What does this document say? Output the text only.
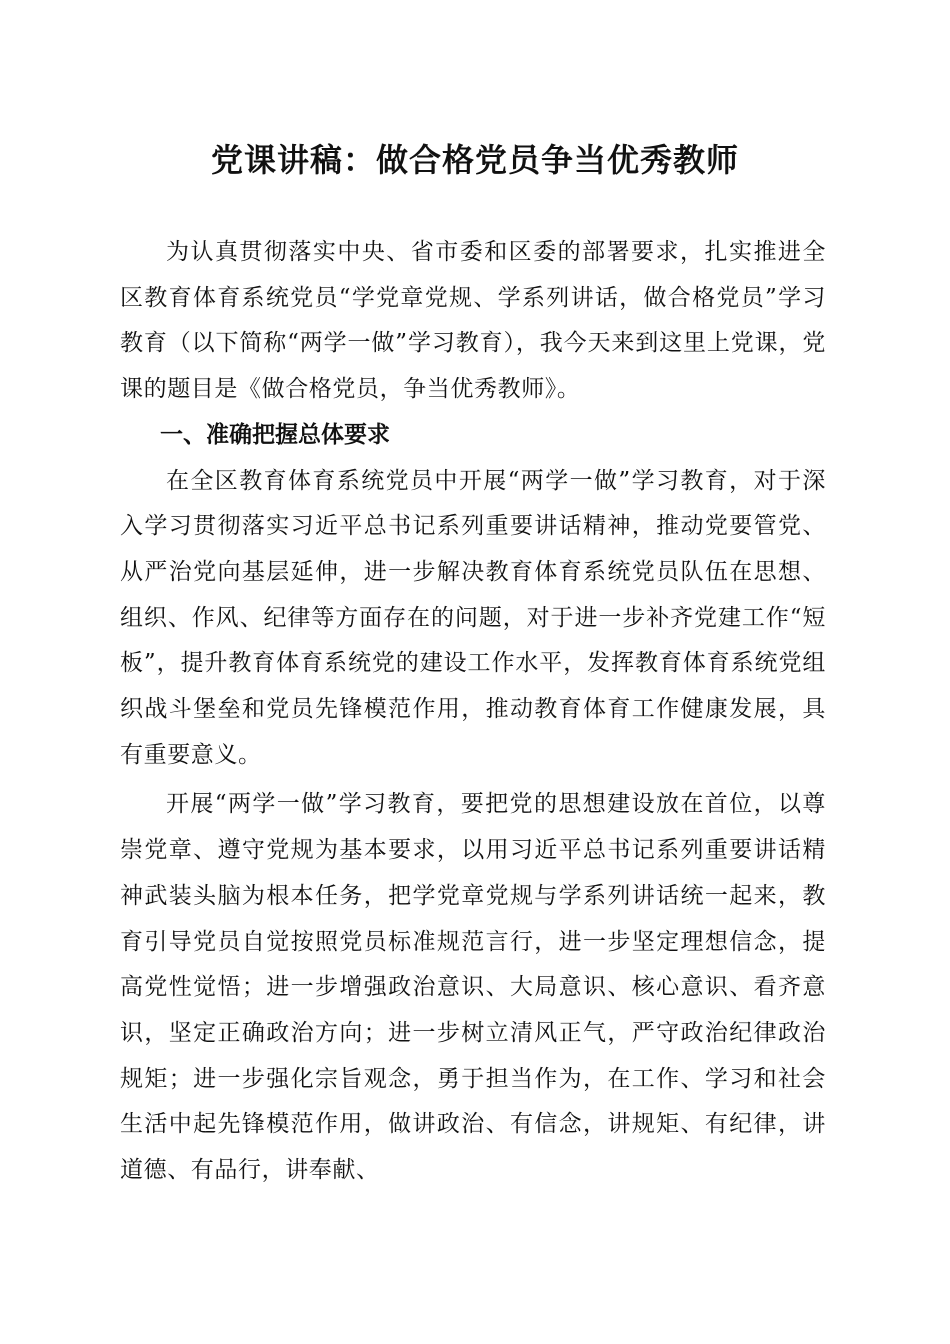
党课讲稿：做合格党员争当优秀教师

为认真贯彻落实中央、省市委和区委的部署要求，扎实推进全区教育体育系统党员“学党章党规、学系列讲话，做合格党员”学习教育（以下简称“两学一做”学习教育），我今天来到这里上党课，党课的题目是《做合格党员，争当优秀教师》。

一、准确把握总体要求

在全区教育体育系统党员中开展“两学一做”学习教育，对于深入学习贯彻落实习近平总书记系列重要讲话精神，推动党要管党、从严治党向基层延伸，进一步解决教育体育系统党员队伍在思想、组织、作风、纪律等方面存在的问题，对于进一步补齐党建工作“短板”，提升教育体育系统党的建设工作水平，发挥教育体育系统党组织战斗堡垒和党员先锋模范作用，推动教育体育工作健康发展，具有重要意义。

开展“两学一做”学习教育，要把党的思想建设放在首位，以尊崇党章、遵守党规为基本要求，以用习近平总书记系列重要讲话精神武装头脑为根本任务，把学党章党规与学系列讲话统一起来，教育引导党员自觉按照党员标准规范言行，进一步坚定理想信念，提高党性觉悟；进一步增强政治意识、大局意识、核心意识、看齐意识，坚定正确政治方向；进一步树立清风正气，严守政治纪律政治规矩；进一步强化宗旨观念，勇于担当作为，在工作、学习和社会生活中起先锋模范作用，做讲政治、有信念，讲规矩、有纪律，讲道德、有品行，讲奉献、
